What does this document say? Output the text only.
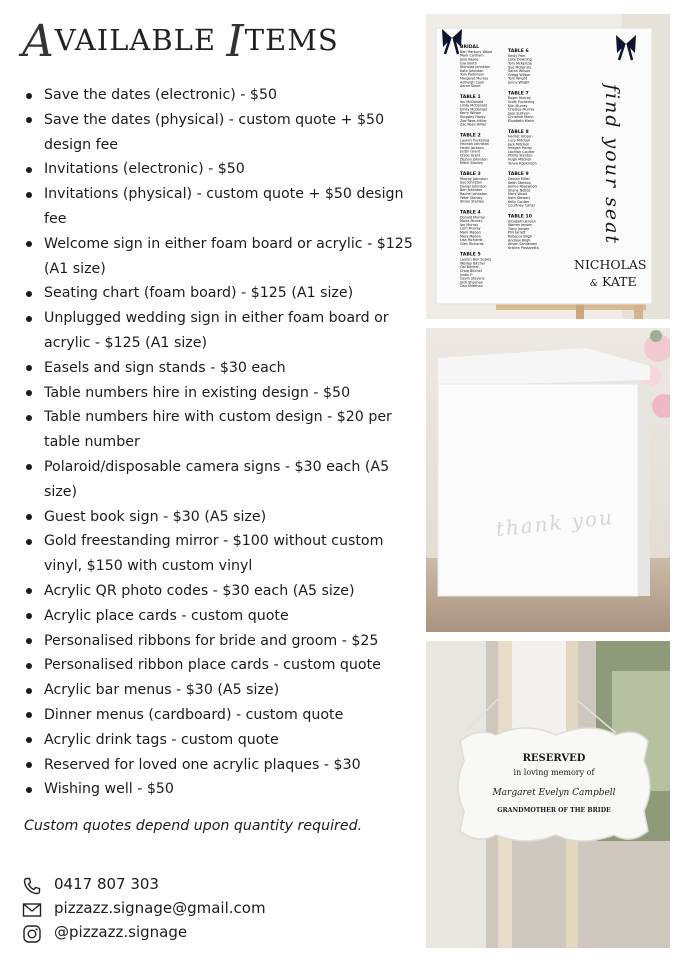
AVAILABLE ITEMS
Save the dates (electronic) - $50
Save the dates (physical) - custom quote + $50 design fee
Invitations (electronic) - $50
Invitations (physical) - custom quote + $50 design fee
Welcome sign in either foam board or acrylic - $125 (A1 size)
Seating chart (foam board) - $125 (A1 size)
Unplugged wedding sign in either foam board or acrylic - $125 (A1 size)
Easels and sign stands - $30 each
Table numbers hire in existing design - $50
Table numbers hire with custom design - $20 per table number
Polaroid/disposable camera signs - $30 each (A5 size)
Guest book sign - $30 (A5 size)
Gold freestanding mirror - $100 without custom vinyl, $150 with custom vinyl
Acrylic QR photo codes - $30 each (A5 size)
Acrylic place cards - custom quote
Personalised ribbons for bride and groom - $25
Personalised ribbon place cards - custom quote
Acrylic bar menus - $30 (A5 size)
Dinner menus (cardboard) - custom quote
Acrylic drink tags - custom quote
Reserved for loved one acrylic plaques - $30
Wishing well - $50

Custom quotes depend upon quantity required.

0417 807 303
pizzazz.signage@gmail.com
@pizzazz.signage
BRIDAL
Ben Harbury Wood
Mark Canham
Jane Beare
Isla Smith
Nicholas Johnston
Kate Johnston
Tom Parkinson
Margaret Murray
Ashleigh Cook
Aaron Skent
TABLE 1
Ian McDonald
Linda McDonald
Emily McDonald
Kerry Wilson
Kingsley Hardy
Zoe Rees-Hillier
Zac Rees-Hillier
TABLE 2
Lauren Puckering
Hannah Johnston
Helen Jackson
Justin Grant
Chloe Grant
Declan Johnston
Mitch Stanley
TABLE 3
Murray Johnston
Sue Johnston
Daniel Johnston
Ben Johnston
Rachel Johnston
Peter Stanley
Alison Stanley
TABLE 4
Donald Murray
Moira Murray
Ian Murray
Lorri Murray
Mark Mabon
Mary Mabon
Lisa Richards
Glen Richards
TABLE 5
Lauren Ben Scales
Wesley Bitcher
Gai Bitcher
Craig Bitcher
Justin P
Gavin Stevens
Josh Sheehan
Dan Sheehan
TABLE 6
Emily Peel
Luke Downing
Tom McKenzie
Sue McKenzie
Sarah Wilson
Gregg Wilson
Tom Wright
Jenny Wright
TABLE 7
Roger Murray
Scott Puckering
Kim Murray
Chelsea Murray
Joey Sullivan
Christine Mann
Elizabeth Mann
TABLE 8
Harriet Gibson
Lucy Mitchell
Jack Mitchell
Imogen Hardy
Lachlan Coulter
Phillip Stenton
Hugh Mitchell
Tanya Hopkinson
TABLE 9
Declan Miller
Keith Stenton
Janine Rosewood
Shane Nobbs
Mary Wood
Kath Stewart
Kelly Coulter
Courtney Carter
TABLE 10
Elizabeth Jensen
Warren Jensen
Tracy Jensen
Phil Jarrett
Rebecca Bligh
Andrew Bligh
Alison Sanderson
Kristen Passaretta
find your seat
NICHOLAS
& KATE
thank you
RESERVED
in loving memory of
Margaret Evelyn Campbell
GRANDMOTHER OF THE BRIDE
